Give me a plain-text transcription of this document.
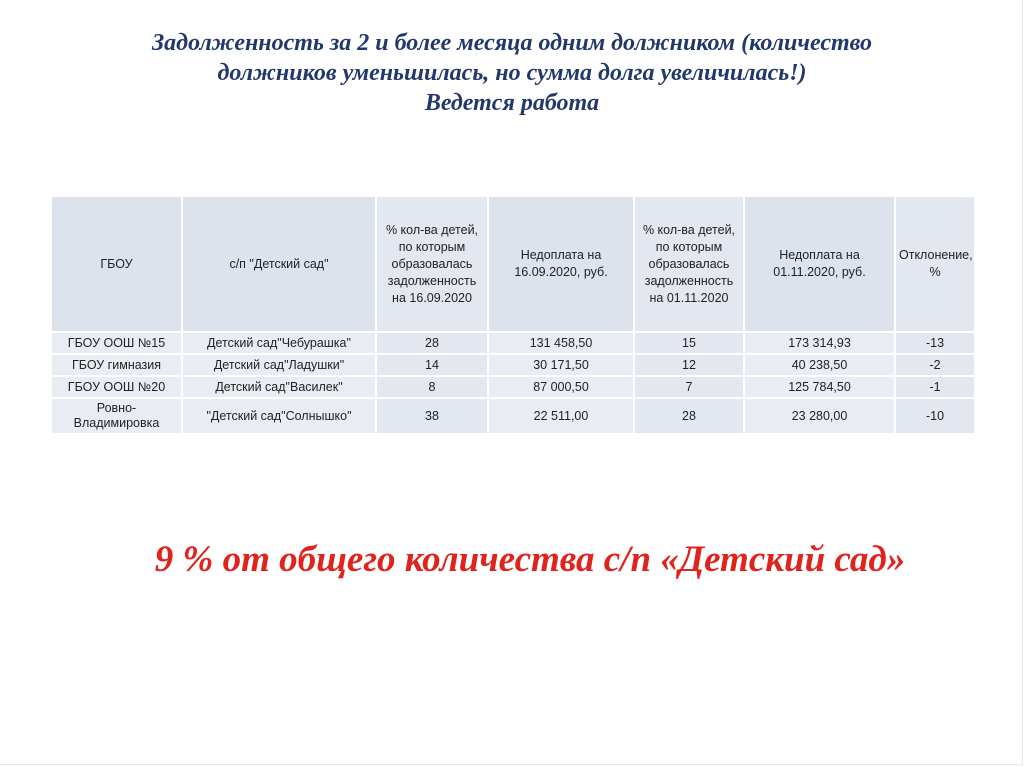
Задолженность за 2 и более месяца одним должником (количество
должников уменьшилась, но сумма долга увеличилась!)
Ведется работа
ГБОУ	с/п "Детский сад"	% кол-ва детей, по которым образовалась задолженность на 16.09.2020	Недоплата на 16.09.2020, руб.	% кол-ва детей, по которым образовалась задолженность на 01.11.2020	Недоплата на 01.11.2020, руб.	Отклонение, %
ГБОУ ООШ №15	Детский сад"Чебурашка"	28	131 458,50	15	173 314,93	-13
ГБОУ гимназия	Детский сад"Ладушки"	14	30 171,50	12	40 238,50	-2
ГБОУ ООШ №20	Детский сад"Василек"	8	87 000,50	7	125 784,50	-1
Ровно-Владимировка	"Детский сад"Солнышко"	38	22 511,00	28	23 280,00	-10
9 % от общего количества с/п «Детский сад»
